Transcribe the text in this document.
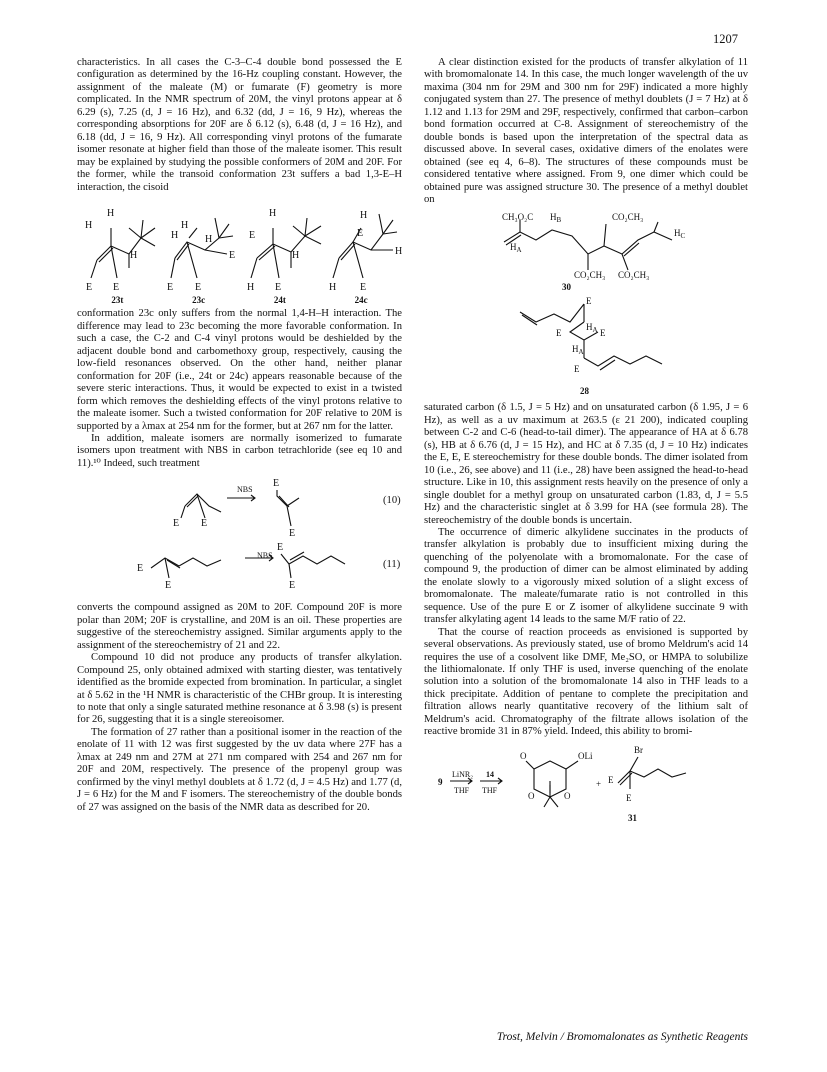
1207

characteristics. In all cases the C-3–C-4 double bond possessed the E configuration as determined by the 16-Hz coupling constant. However, the assignment of the maleate (M) or fumarate (F) geometry is more complicated. In the NMR spectrum of 20M, the vinyl protons appear at δ 6.29 (s), 7.25 (d, J = 16 Hz), and 6.32 (dd, J = 16, 9 Hz), whereas the corresponding absorptions for 20F are δ 6.12 (s), 6.48 (d, J = 16 Hz), and 6.18 (dd, J = 16, 9 Hz). All corresponding vinyl protons of the fumarate isomer resonate at higher field than those of the maleate isomer. This result may be explained by studying the possible conformers of 20M and 20F. For the former, while the transoid conformation 23t suffers a bad 1,3-E–H interaction, the cisoid

H
H
H
E E
H
H	H
E
E E
H
E
H
H E
H
E
H
H E
23t	23c	24t	24c

conformation 23c only suffers from the normal 1,4-H–H interaction. The difference may lead to 23c becoming the more favorable conformation. In such a case, the C-2 and C-4 vinyl protons would be deshielded by the adjacent double bond and carbomethoxy group, respectively, causing the low-field resonances observed. On the other hand, neither planar conformation for 20F (i.e., 24t or 24c) appears reasonable because of the severe steric interactions. Thus, it would be expected to exist in a twisted form which removes the deshielding effects of the vinyl protons relative to the maleate isomer. Such a twisted conformation for 20F relative to 20M is supported by a λmax at 254 nm for the former, but at 267 nm for the latter.

In addition, maleate isomers are normally isomerized to fumarate isomers upon treatment with NBS in carbon tetrachloride (see eq 10 and 11).¹⁰ Indeed, such treatment

NBS
NBS
E E
E
E
E
E
E
E
(10)
(11)

converts the compound assigned as 20M to 20F. Compound 20F is more polar than 20M; 20F is crystalline, and 20M is an oil. These properties are suggestive of the stereochemistry assigned. Similar arguments apply to the assignment of the stereochemistry of 21 and 22.

Compound 10 did not produce any products of transfer alkylation. Compound 25, only obtained admixed with starting diester, was tentatively identified as the bromide expected from bromination. In particular, a singlet at δ 5.62 in the ¹H NMR is characteristic of the CHBr group. It is interesting to note that only a single saturated methine resonance at δ 3.98 (s) is present for 26, suggesting that it is a single stereoisomer.

The formation of 27 rather than a positional isomer in the reaction of the enolate of 11 with 12 was first suggested by the uv data where 27F has a λmax at 249 nm and 27M at 271 nm compared with 254 and 267 nm for 20F and 20M, respectively. The presence of the propenyl group was confirmed by the vinyl methyl doublets at δ 1.72 (d, J = 4.5 Hz) and 1.77 (d, J = 6 Hz) for the M and F isomers. The stereochemistry of the double bonds of 27 was assigned on the basis of the NMR data as described for 20.

A clear distinction existed for the products of transfer alkylation of 11 with bromomalonate 14. In this case, the much longer wavelength of the uv maxima (304 nm for 29M and 300 nm for 29F) indicated a more highly conjugated system than 27. The presence of methyl doublets (J = 7 Hz) at δ 1.12 and 1.13 for 29M and 29F, respectively, confirmed that carbon–carbon bond formation occurred at C-8. Assignment of stereochemistry of the double bonds is based upon the interpretation of the spectral data as discussed above. In several cases, oxidative dimers of the enolates were obtained (see eq 4, 6–8). The structures of these compounds must be considered tentative where assigned. From 9, one dimer which could be obtained pure was assigned structure 30. The presence of a methyl doublet on

CH₃O₂C $H_B$	CO₂CH₃
$H_C$
$H_A$
CO₂CH₃ CO₂CH₃
30
E
$H_A$
E	E
$H_A$
E
28

saturated carbon (δ 1.5, J = 5 Hz) and on unsaturated carbon (δ 1.95, J = 6 Hz), as well as a uv maximum at 263.5 (ε 21 200), indicated coupling between C-2 and C-6 (head-to-tail dimer). The appearance of HA at δ 6.78 (s), HB at δ 6.76 (d, J = 15 Hz), and HC at δ 7.35 (d, J = 10 Hz) indicates the E, E, E stereochemistry for these double bonds. The dimer isolated from 10 (i.e., 26, see above) and 11 (i.e., 28) have been assigned the head-to-head structure. Like in 10, this assignment rests heavily on the presence of only a single doublet for a methyl group on unsaturated carbon (1.83, d, J = 5.5 Hz) and the characteristic singlet at δ 3.99 for HA (see formula 28). The stereochemistry of the double bonds is uncertain.

The occurrence of dimeric alkylidene succinates in the products of transfer alkylation is probably due to insufficient mixing during the quenching of the polyenolate with a bromomalonate. For the case of compound 9, the production of dimer can be almost eliminated by adding the enolate slowly to a vigorously mixed solution of a slight excess of bromomalonate. The maleate/fumarate ratio is not controlled in this sequence. Use of the pure E or Z isomer of alkylidene succinate 9 with transfer alkylating agent 14 leads to the same M/F ratio of 22.

That the course of reaction proceeds as envisioned is supported by several observations. As previously stated, use of bromo Meldrum's acid 14 requires the use of a cosolvent like DMF, Me₂SO, or HMPA to solubilize the lithiomalonate. If only THF is used, inverse quenching of the enolate solution into a solution of the bromomalonate 14 also in THF leads to a thick precipitate. Addition of pentane to complete the precipitation and filtration allows nearly quantitative recovery of the lithium salt of Meldrum's acid. Chromatography of the filtrate allows isolation of the reactive bromide 31 in 87% yield. Indeed, this ability to bromi-

9
LiNR₂
THF
14
THF
O	OLi
O	O
+
Br
E
E
31
Trost, Melvin / Bromomalonates as Synthetic Reagents
